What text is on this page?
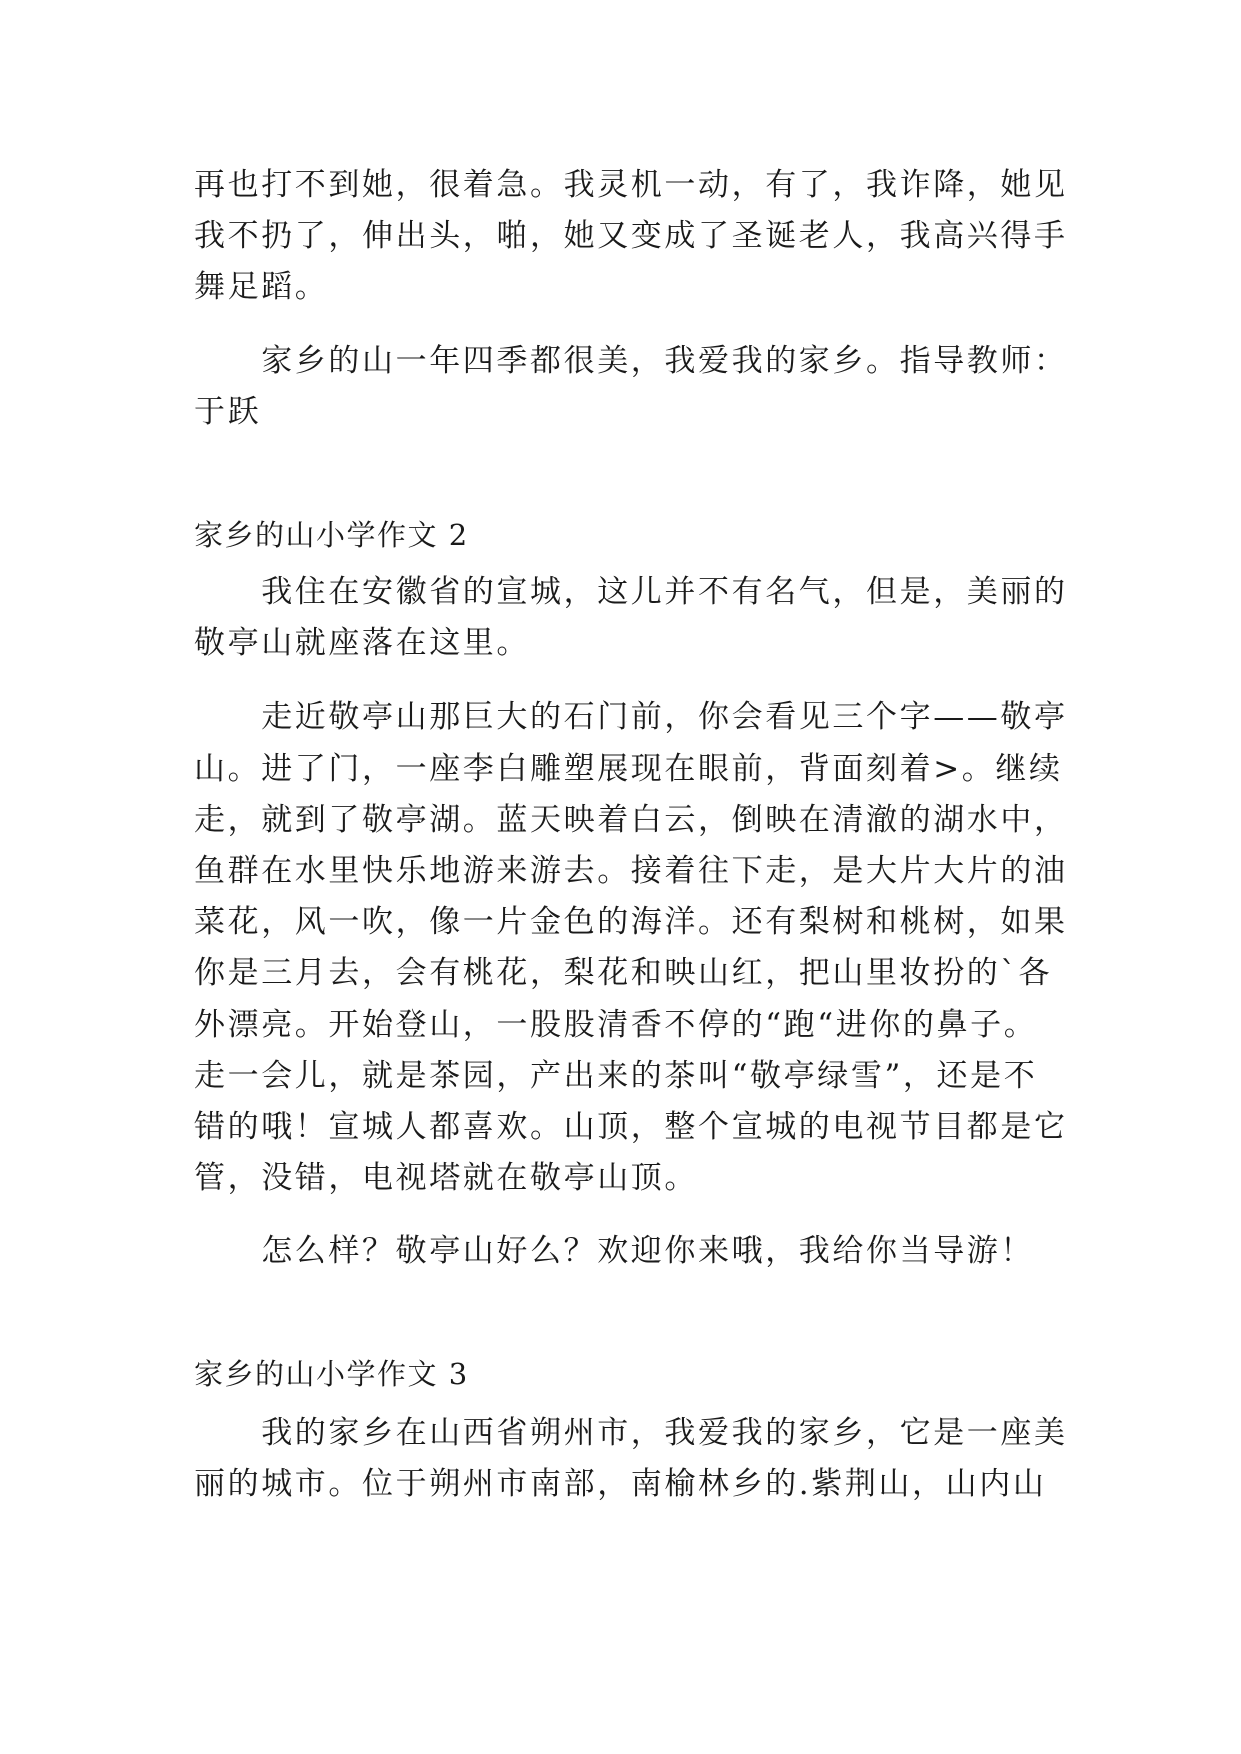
再也打不到她，很着急。我灵机一动，有了，我诈降，她见
我不扔了，伸出头，啪，她又变成了圣诞老人，我高兴得手
舞足蹈。
　　家乡的山一年四季都很美，我爱我的家乡。指导教师：
于跃
家乡的山小学作文 2
　　我住在安徽省的宣城，这儿并不有名气，但是，美丽的
敬亭山就座落在这里。
　　走近敬亭山那巨大的石门前，你会看见三个字——敬亭
山。进了门，一座李白雕塑展现在眼前，背面刻着>。继续
走，就到了敬亭湖。蓝天映着白云，倒映在清澈的湖水中，
鱼群在水里快乐地游来游去。接着往下走，是大片大片的油
菜花，风一吹，像一片金色的海洋。还有梨树和桃树，如果
你是三月去，会有桃花，梨花和映山红，把山里妆扮的`各
外漂亮。开始登山，一股股清香不停的“跑“进你的鼻子。
走一会儿，就是茶园，产出来的茶叫“敬亭绿雪”，还是不
错的哦！宣城人都喜欢。山顶，整个宣城的电视节目都是它
管，没错，电视塔就在敬亭山顶。
　　怎么样？敬亭山好么？欢迎你来哦，我给你当导游！
家乡的山小学作文 3
　　我的家乡在山西省朔州市，我爱我的家乡，它是一座美
丽的城市。位于朔州市南部，南榆林乡的.紫荆山，山内山
